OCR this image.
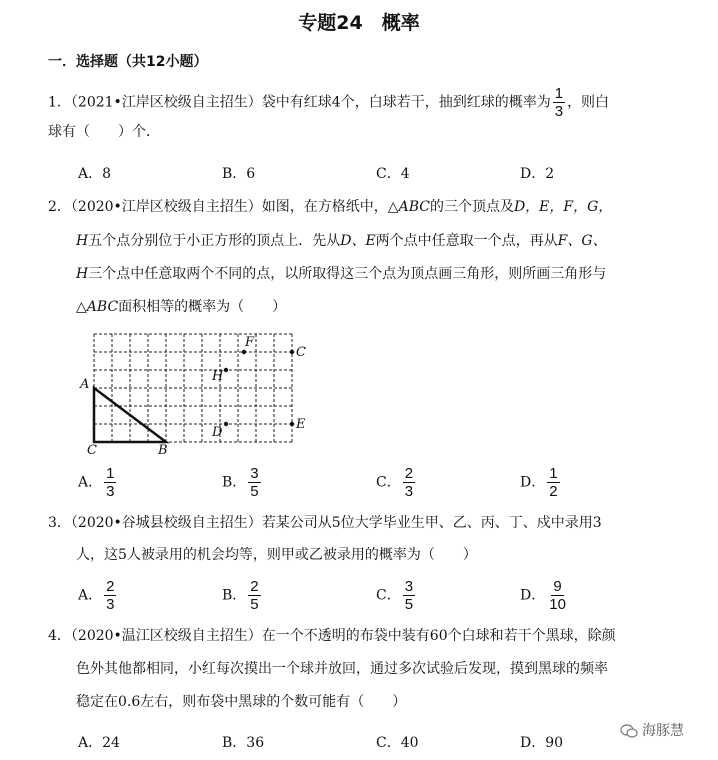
专题24　概率
一．选择题（共12小题）
1．（2021•江岸区校级自主招生）袋中有红球4个，白球若干，抽到红球的概率为 $\frac{1}{3}$ ，则白
球有（　　）个．
A．8	B．6	C．4	D．2
2．（2020•江岸区校级自主招生）如图，在方格纸中，△ABC的三个顶点及D，E，F，G，
H五个点分别位于小正方形的顶点上．先从D、E两个点中任意取一个点，再从F、G、
H三个点中任意取两个不同的点，以所取得这三个点为顶点画三角形，则所画三角形与
△ABC面积相等的概率为（　　）
A
C	B
F
C
H
D
E
A． $\frac{1}{3}$	B． $\frac{3}{5}$	C． $\frac{2}{3}$	D． $\frac{1}{2}$
3．（2020•谷城县校级自主招生）若某公司从5位大学毕业生甲、乙、丙、丁、戍中录用3
人，这5人被录用的机会均等，则甲或乙被录用的概率为（　　）
A． $\frac{2}{3}$	B． $\frac{2}{5}$	C． $\frac{3}{5}$	D． $\frac{9}{10}$
4．（2020•温江区校级自主招生）在一个不透明的布袋中装有60个白球和若干个黑球，除颜
色外其他都相同，小红每次摸出一个球并放回，通过多次试验后发现，摸到黑球的频率
稳定在0.6左右，则布袋中黑球的个数可能有（　　）
A．24	B．36	C．40	D．90
海豚慧
